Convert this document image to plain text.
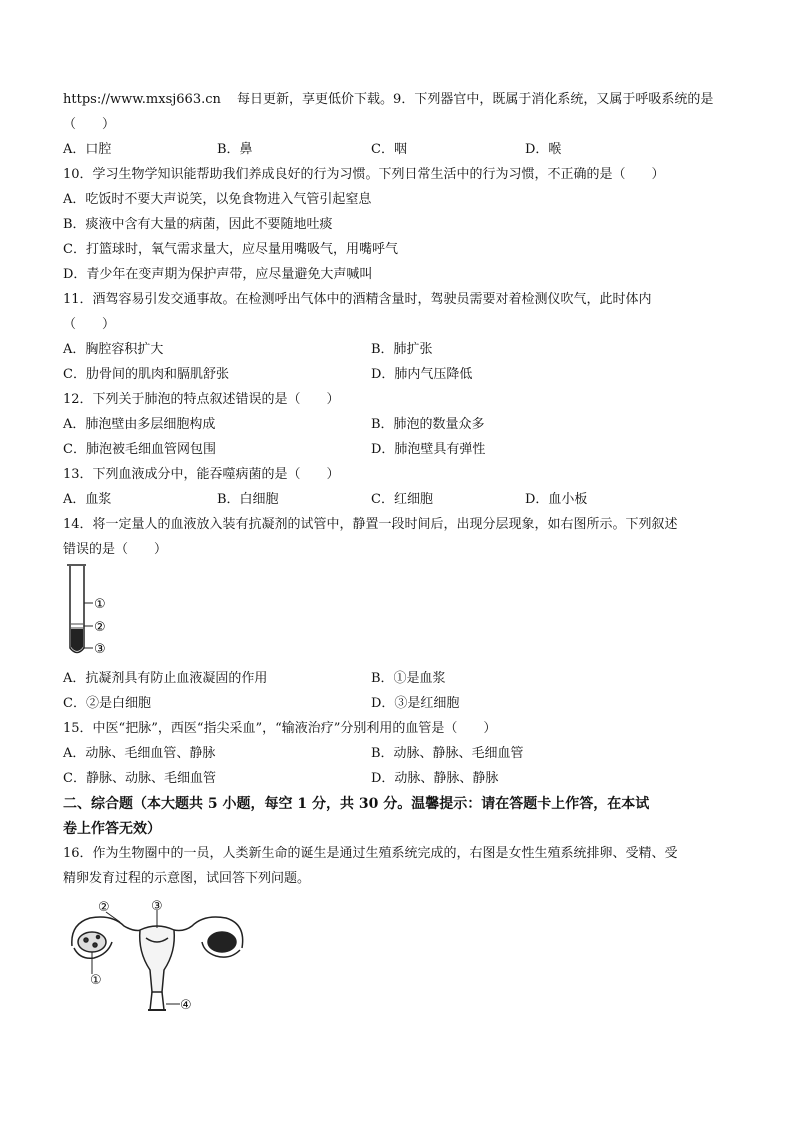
https://www.mxsj663.cn 每日更新，享更低价下载。9．下列器官中，既属于消化系统，又属于呼吸系统的是
（　　）
A．口腔	B．鼻	C．咽	D．喉
10．学习生物学知识能帮助我们养成良好的行为习惯。下列日常生活中的行为习惯，不正确的是（　　）
A．吃饭时不要大声说笑，以免食物进入气管引起窒息
B．痰液中含有大量的病菌，因此不要随地吐痰
C．打篮球时，氧气需求量大，应尽量用嘴吸气，用嘴呼气
D．青少年在变声期为保护声带，应尽量避免大声喊叫
11．酒驾容易引发交通事故。在检测呼出气体中的酒精含量时，驾驶员需要对着检测仪吹气，此时体内
（　　）
A．胸腔容积扩大	B．肺扩张
C．肋骨间的肌肉和膈肌舒张	D．肺内气压降低
12．下列关于肺泡的特点叙述错误的是（　　）
A．肺泡壁由多层细胞构成	B．肺泡的数量众多
C．肺泡被毛细血管网包围	D．肺泡壁具有弹性
13．下列血液成分中，能吞噬病菌的是（　　）
A．血浆	B．白细胞	C．红细胞	D．血小板
14．将一定量人的血液放入装有抗凝剂的试管中，静置一段时间后，出现分层现象，如右图所示。下列叙述
错误的是（　　）
①
②
③
A．抗凝剂具有防止血液凝固的作用	B．①是血浆
C．②是白细胞	D．③是红细胞
15．中医“把脉”，西医“指尖采血”，“输液治疗”分别利用的血管是（　　）
A．动脉、毛细血管、静脉	B．动脉、静脉、毛细血管
C．静脉、动脉、毛细血管	D．动脉、静脉、静脉
二、综合题（本大题共 5 小题，每空 1 分，共 30 分。温馨提示：请在答题卡上作答，在本试
卷上作答无效）
16．作为生物圈中的一员，人类新生命的诞生是通过生殖系统完成的，右图是女性生殖系统排卵、受精、受
精卵发育过程的示意图，试回答下列问题。
①
②	③
④
